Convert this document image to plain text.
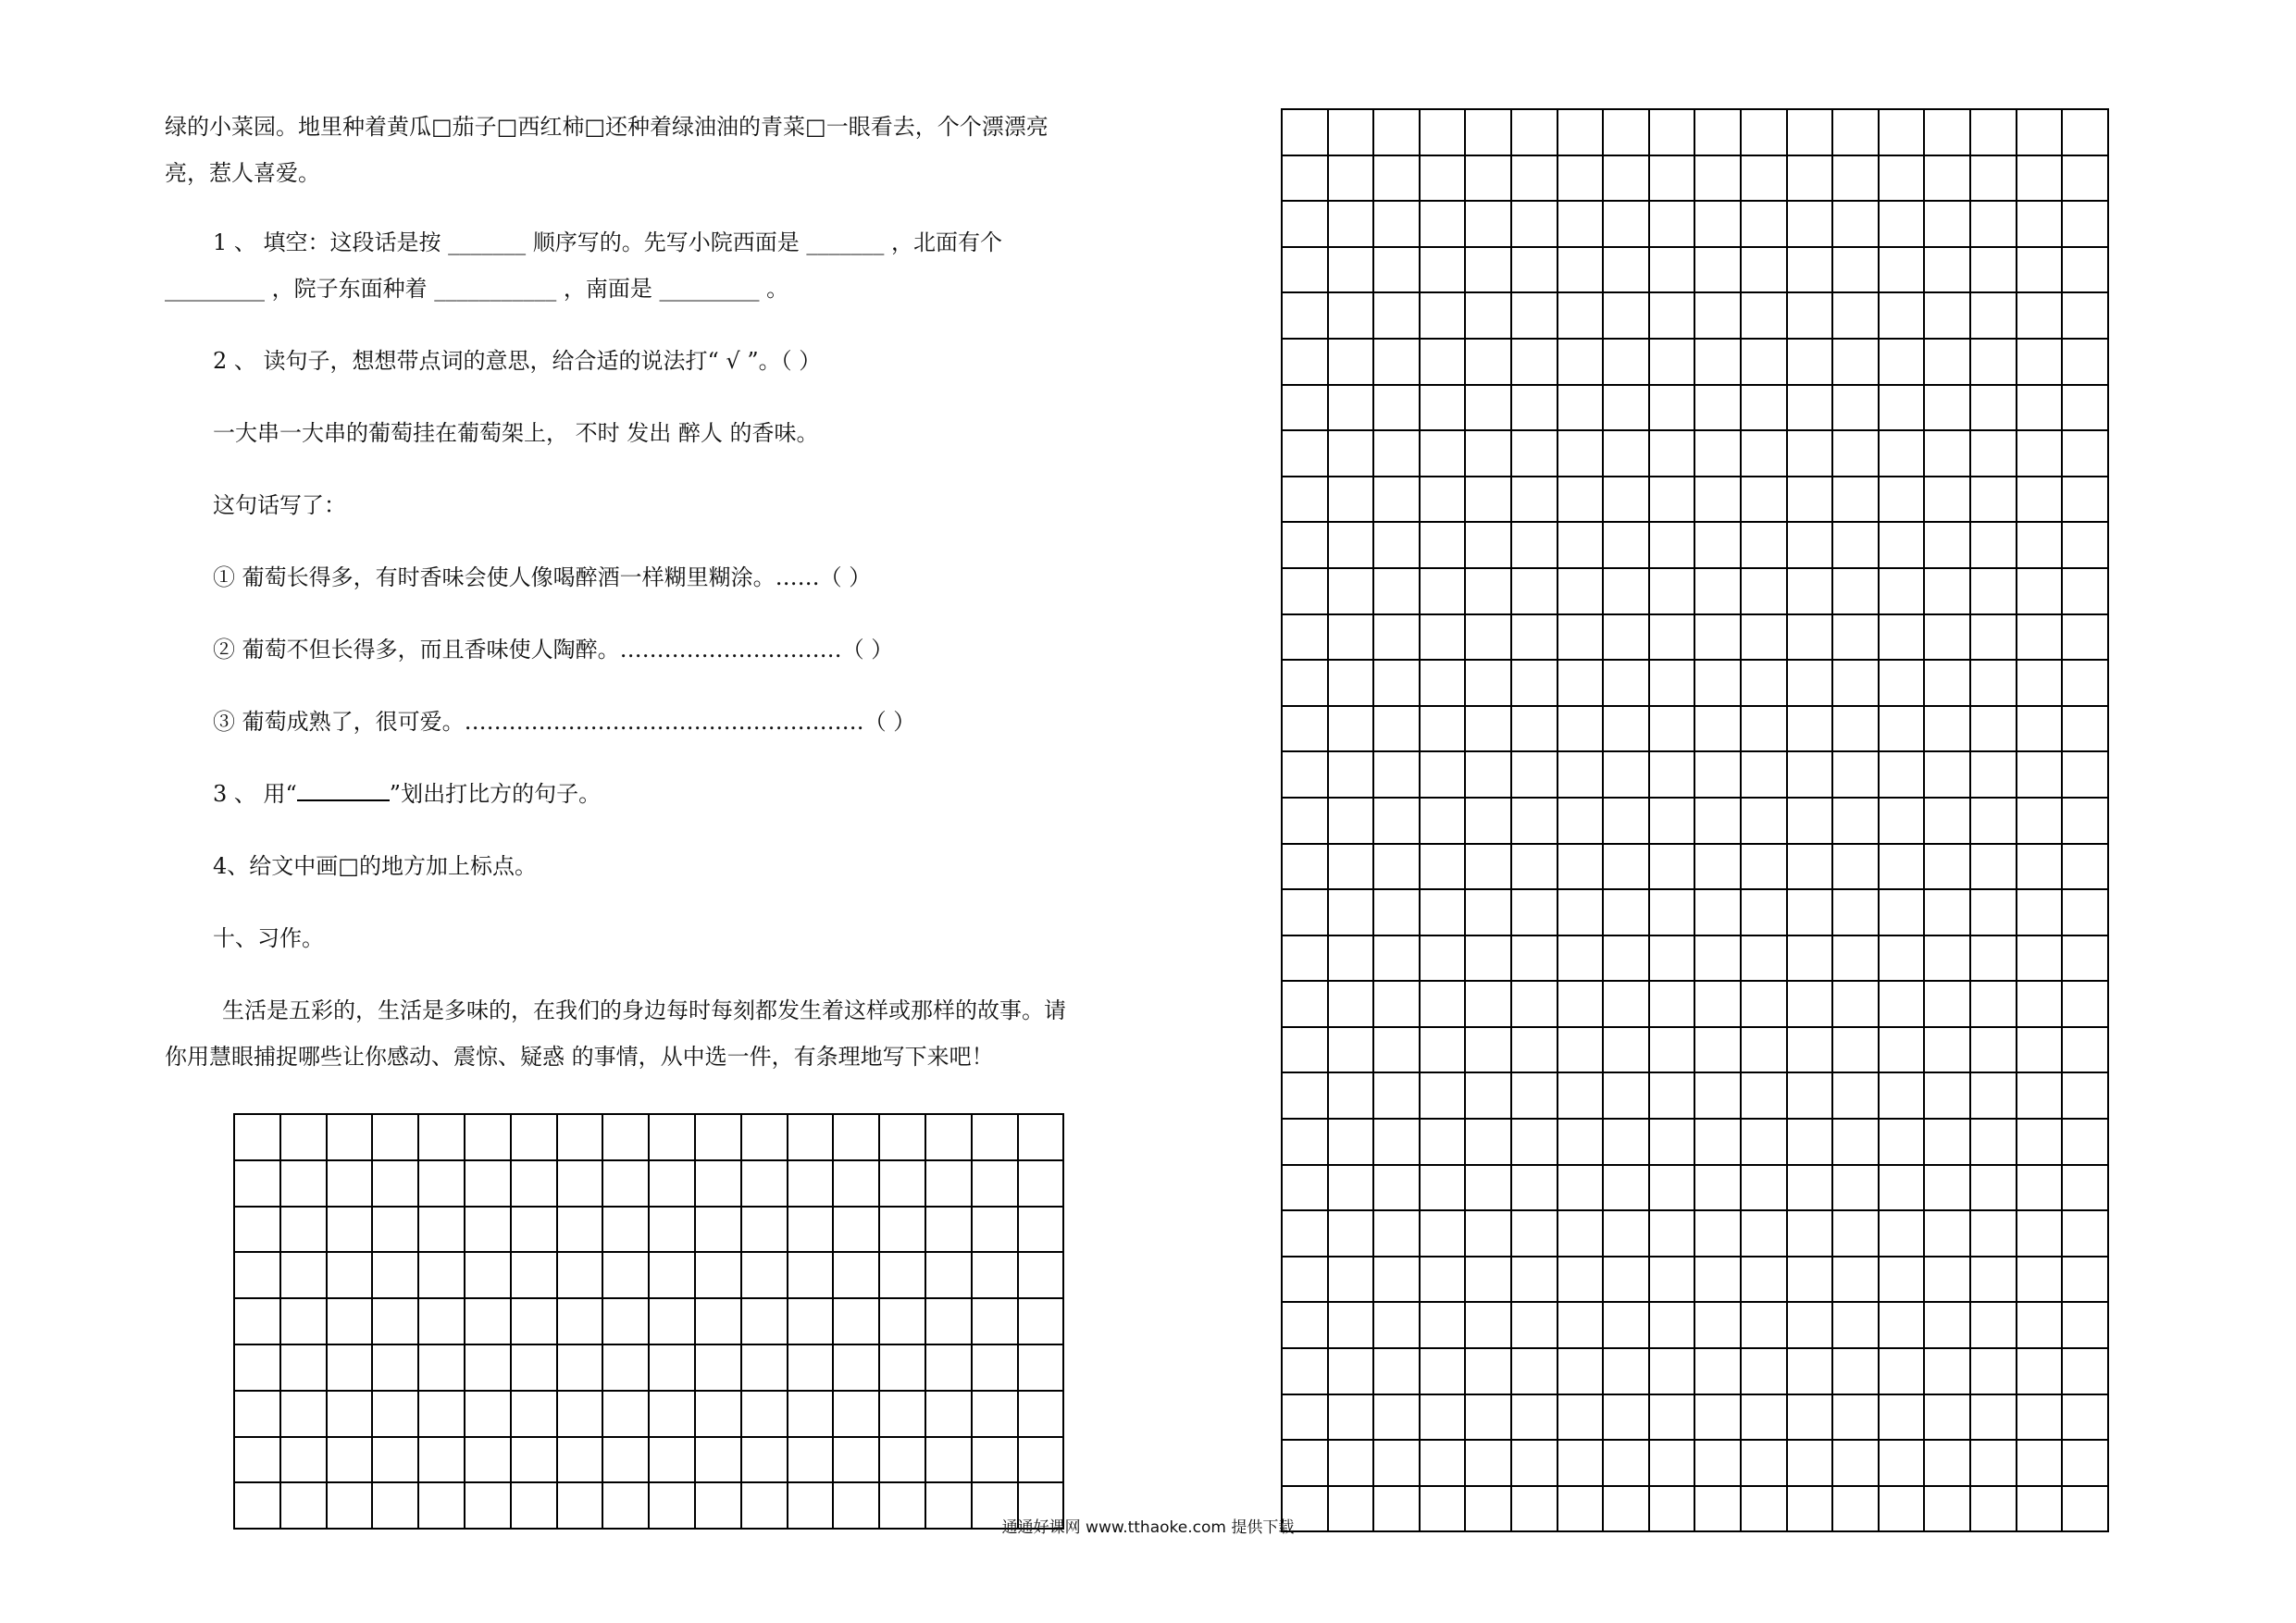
绿的小菜园。地里种着黄瓜□茄子□西红柿□还种着绿油油的青菜□一眼看去，个个漂漂亮
亮，惹人喜爱。
1 、 填空：这段话是按 _______ 顺序写的。先写小院西面是 _______ ，北面有个
_________ ，院子东面种着 ___________ ，南面是 _________ 。
2 、 读句子，想想带点词的意思，给合适的说法打“ √ ”。（ ）
一大串一大串的葡萄挂在葡萄架上， 不时 发出 醉人 的香味。
这句话写了：
① 葡萄长得多，有时香味会使人像喝醉酒一样糊里糊涂。……（ ）
② 葡萄不但长得多，而且香味使人陶醉。…………………………（ ）
③ 葡萄成熟了，很可爱。………………………………………………（ ）
3 、 用“	”划出打比方的句子。
4、给文中画□的地方加上标点。
十、习作。
生活是五彩的，生活是多味的，在我们的身边每时每刻都发生着这样或那样的故事。请
你用慧眼捕捉哪些让你感动、震惊、疑惑 的事情，从中选一件，有条理地写下来吧！

通通好课网 www.tthaoke.com 提供下载
